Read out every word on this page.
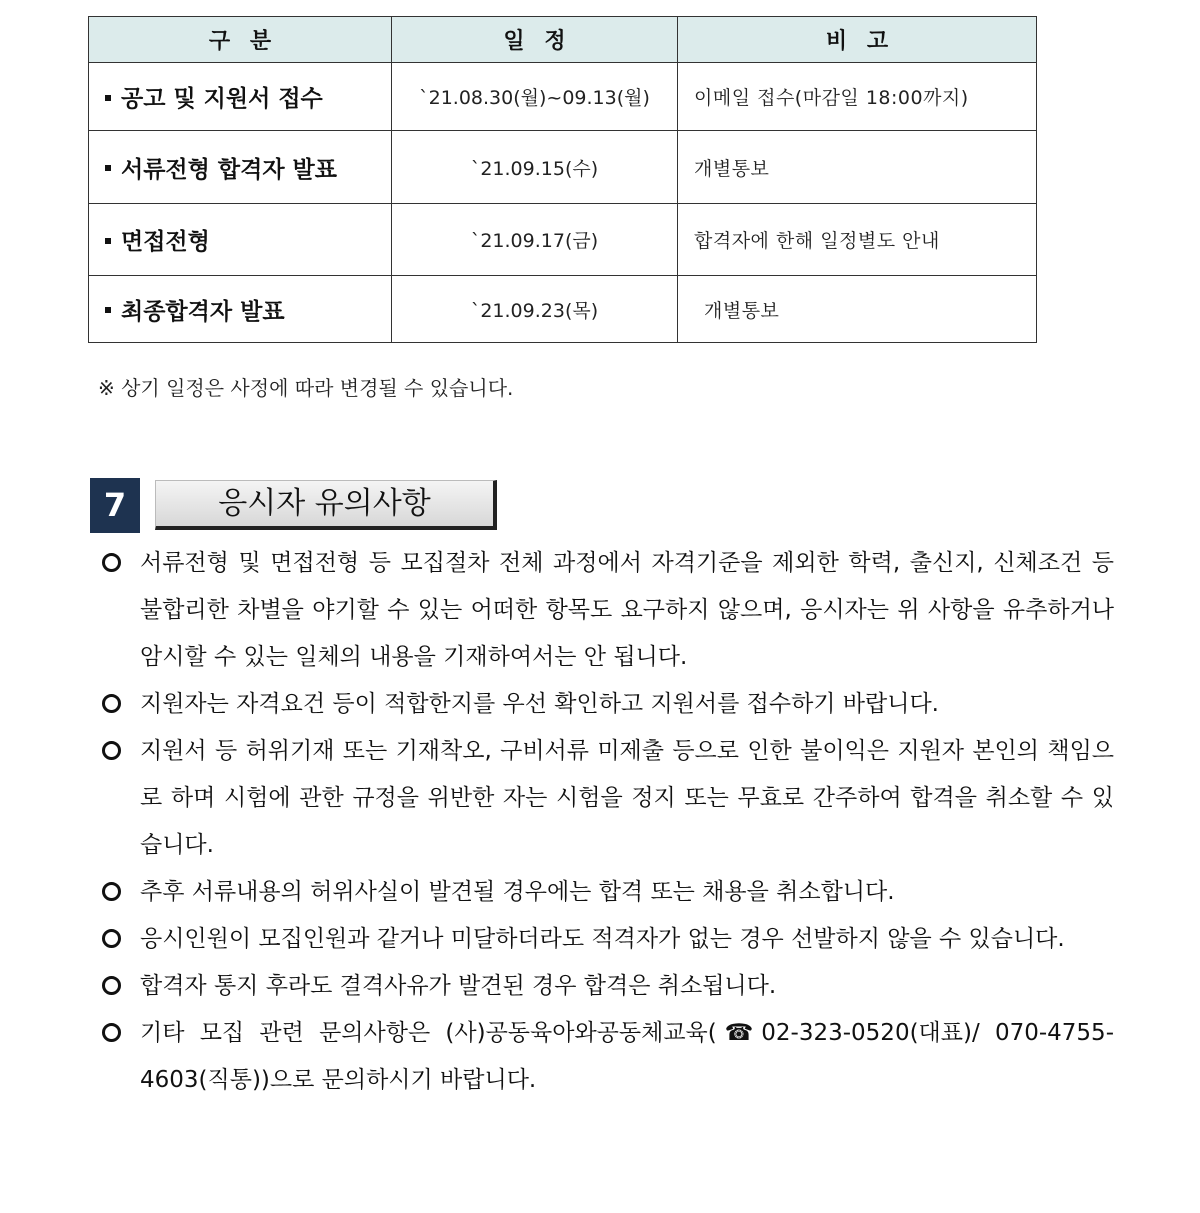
구분	일정	비고
공고 및 지원서 접수	`21.08.30(월)~09.13(월)	이메일 접수(마감일 18:00까지)
서류전형 합격자 발표	`21.09.15(수)	개별통보
면접전형	`21.09.17(금)	합격자에 한해 일정별도 안내
최종합격자 발표	`21.09.23(목)	개별통보
※ 상기 일정은 사정에 따라 변경될 수 있습니다.
7	응시자 유의사항
서류전형 및 면접전형 등 모집절차 전체 과정에서 자격기준을 제외한 학력, 출신지, 신체조건 등 불합리한 차별을 야기할 수 있는 어떠한 항목도 요구하지 않으며, 응시자는 위 사항을 유추하거나 암시할 수 있는 일체의 내용을 기재하여서는 안 됩니다.
지원자는 자격요건 등이 적합한지를 우선 확인하고 지원서를 접수하기 바랍니다.
지원서 등 허위기재 또는 기재착오, 구비서류 미제출 등으로 인한 불이익은 지원자 본인의 책임으로 하며 시험에 관한 규정을 위반한 자는 시험을 정지 또는 무효로 간주하여 합격을 취소할 수 있습니다.
추후 서류내용의 허위사실이 발견될 경우에는 합격 또는 채용을 취소합니다.
응시인원이 모집인원과 같거나 미달하더라도 적격자가 없는 경우 선발하지 않을 수 있습니다.
합격자 통지 후라도 결격사유가 발견된 경우 합격은 취소됩니다.
기타 모집 관련 문의사항은 (사)공동육아와공동체교육(☎02-323-0520(대표)/ 070-4755-4603(직통))으로 문의하시기 바랍니다.
